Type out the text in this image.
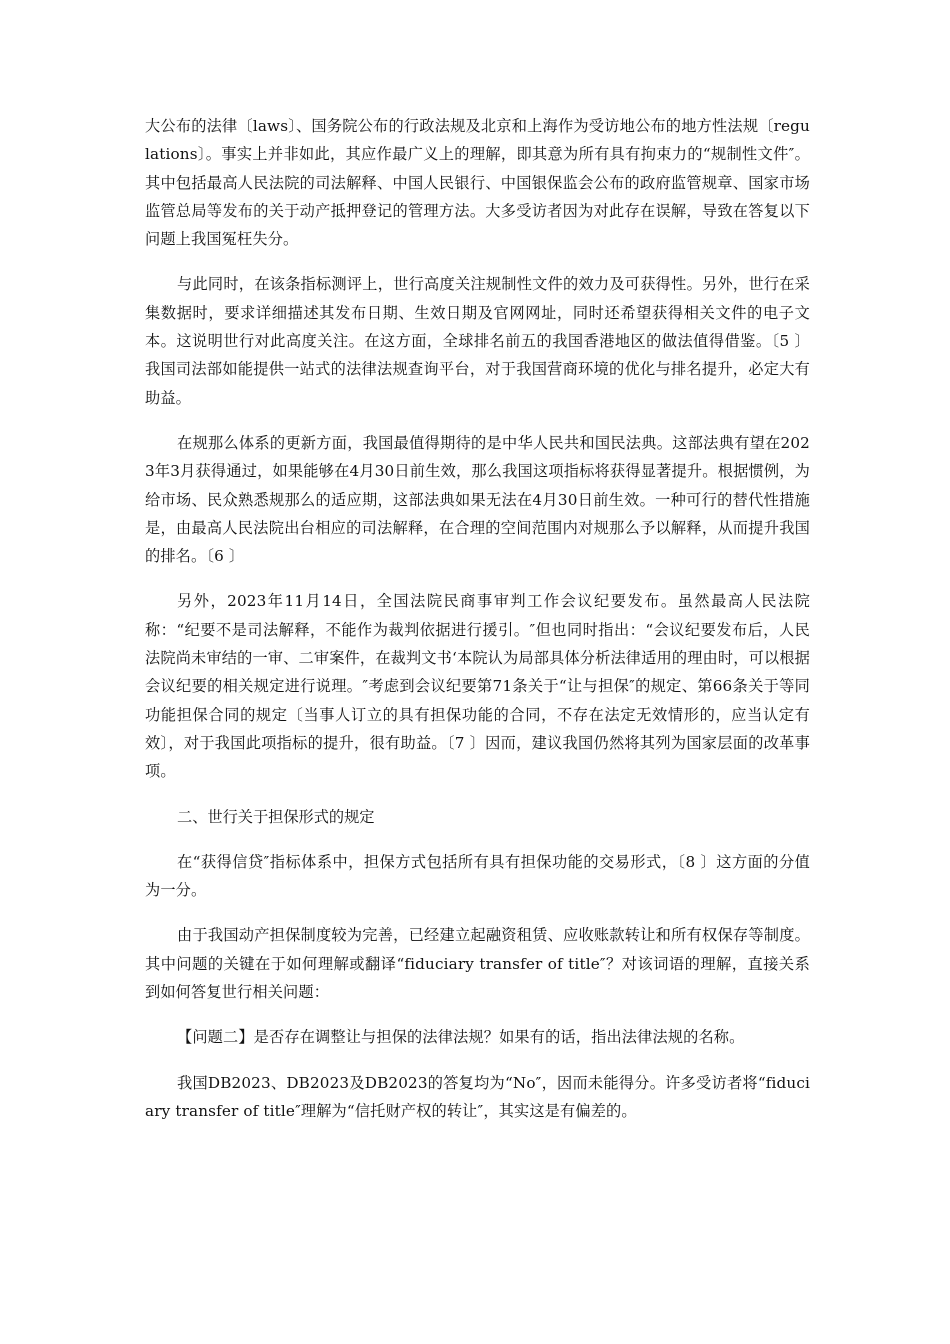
大公布的法律〔laws〕、国务院公布的行政法规及北京和上海作为受访地公布的地方性法规〔regulations〕。事实上并非如此，其应作最广义上的理解，即其意为所有具有拘束力的“规制性文件″。其中包括最高人民法院的司法解释、中国人民银行、中国银保监会公布的政府监管规章、国家市场监管总局等发布的关于动产抵押登记的管理方法。大多受访者因为对此存在误解，导致在答复以下问题上我国冤枉失分。

与此同时，在该条指标测评上，世行高度关注规制性文件的效力及可获得性。另外，世行在采集数据时，要求详细描述其发布日期、生效日期及官网网址，同时还希望获得相关文件的电子文本。这说明世行对此高度关注。在这方面，全球排名前五的我国香港地区的做法值得借鉴。〔5 〕我国司法部如能提供一站式的法律法规查询平台，对于我国营商环境的优化与排名提升，必定大有助益。

在规那么体系的更新方面，我国最值得期待的是中华人民共和国民法典。这部法典有望在2023年3月获得通过，如果能够在4月30日前生效，那么我国这项指标将获得显著提升。根据惯例，为给市场、民众熟悉规那么的适应期，这部法典如果无法在4月30日前生效。一种可行的替代性措施是，由最高人民法院出台相应的司法解释，在合理的空间范围内对规那么予以解释，从而提升我国的排名。〔6 〕

另外，2023年11月14日，全国法院民商事审判工作会议纪要发布。虽然最高人民法院称：“纪要不是司法解释，不能作为裁判依据进行援引。″但也同时指出：“会议纪要发布后，人民法院尚未审结的一审、二审案件，在裁判文书‘本院认为局部具体分析法律适用的理由时，可以根据会议纪要的相关规定进行说理。″考虑到会议纪要第71条关于“让与担保″的规定、第66条关于等同功能担保合同的规定〔当事人订立的具有担保功能的合同，不存在法定无效情形的，应当认定有效〕，对于我国此项指标的提升，很有助益。〔7 〕因而，建议我国仍然将其列为国家层面的改革事项。

二、世行关于担保形式的规定

在“获得信贷″指标体系中，担保方式包括所有具有担保功能的交易形式，〔8 〕这方面的分值为一分。

由于我国动产担保制度较为完善，已经建立起融资租赁、应收账款转让和所有权保存等制度。其中问题的关键在于如何理解或翻译“fiduciary transfer of title″？对该词语的理解，直接关系到如何答复世行相关问题：

【问题二】是否存在调整让与担保的法律法规？如果有的话，指出法律法规的名称。

我国DB2023、DB2023及DB2023的答复均为“No″，因而未能得分。许多受访者将“fiduciary transfer of title″理解为“信托财产权的转让″，其实这是有偏差的。
